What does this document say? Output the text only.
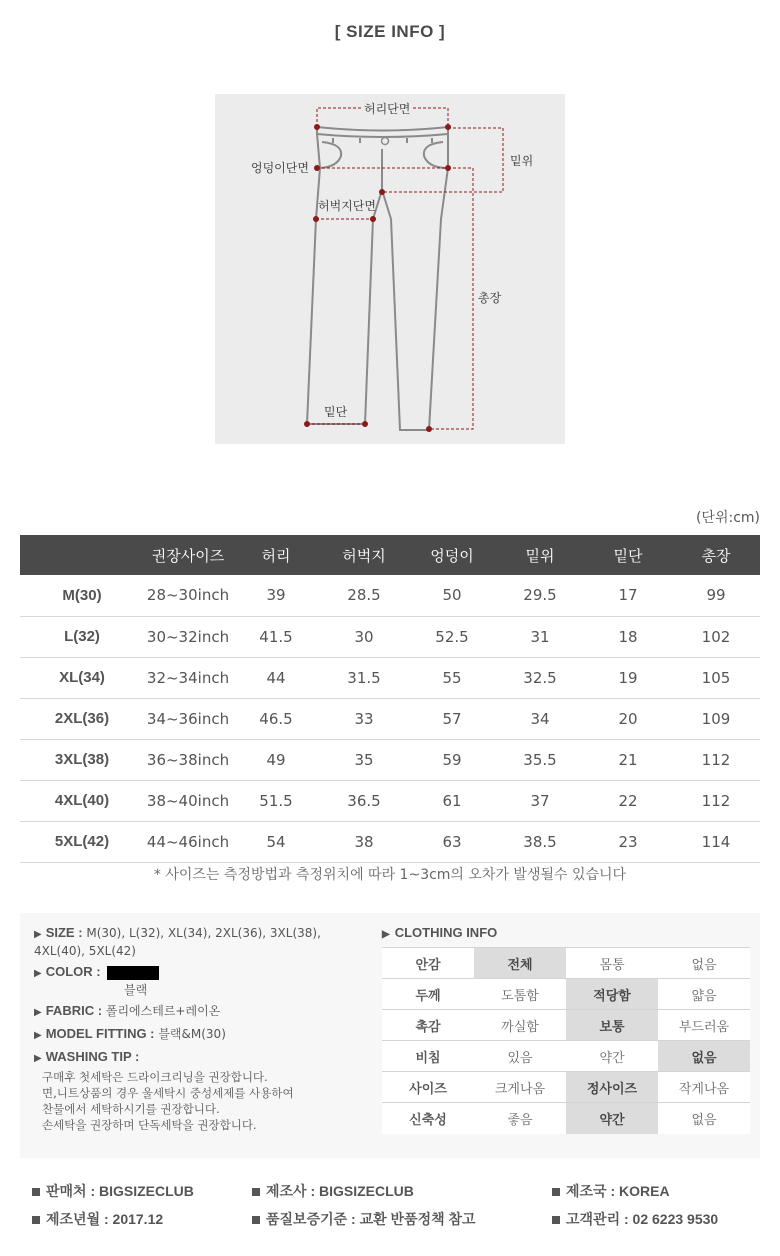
[ SIZE INFO ]
허리단면
밑위
엉덩이단면
허벅지단면
총장
밑단
(단위:cm)
	권장사이즈	허리	허벅지	엉덩이	밑위	밑단	총장
M(30)	28~30inch	39	28.5	50	29.5	17	99
L(32)	30~32inch	41.5	30	52.5	31	18	102
XL(34)	32~34inch	44	31.5	55	32.5	19	105
2XL(36)	34~36inch	46.5	33	57	34	20	109
3XL(38)	36~38inch	49	35	59	35.5	21	112
4XL(40)	38~40inch	51.5	36.5	61	37	22	112
5XL(42)	44~46inch	54	38	63	38.5	23	114
* 사이즈는 측정방법과 측정위치에 따라 1~3cm의 오차가 발생될수 있습니다
▶ SIZE : M(30), L(32), XL(34), 2XL(36), 3XL(38), 4XL(40), 5XL(42)
▶ COLOR :
블랙
▶ FABRIC : 폴리에스테르+레이온
▶ MODEL FITTING : 블랙&M(30)
▶ WASHING TIP :
구매후 첫세탁은 드라이크리닝을 권장합니다.
면,니트상품의 경우 울세탁시 중성세제를 사용하여
찬물에서 세탁하시기를 권장합니다.
손세탁을 권장하며 단독세탁을 권장합니다.
▶ CLOTHING INFO
안감	전체	몸통	없음
두께	도톰함	적당함	얇음
촉감	까실함	보통	부드러움
비침	있음	약간	없음
사이즈	크게나옴	정사이즈	작게나옴
신축성	좋음	약간	없음
판매처 : BIGSIZECLUB	제조사 : BIGSIZECLUB	제조국 : KOREA
제조년월 : 2017.12	품질보증기준 : 교환 반품정책 참고	고객관리 : 02 6223 9530
